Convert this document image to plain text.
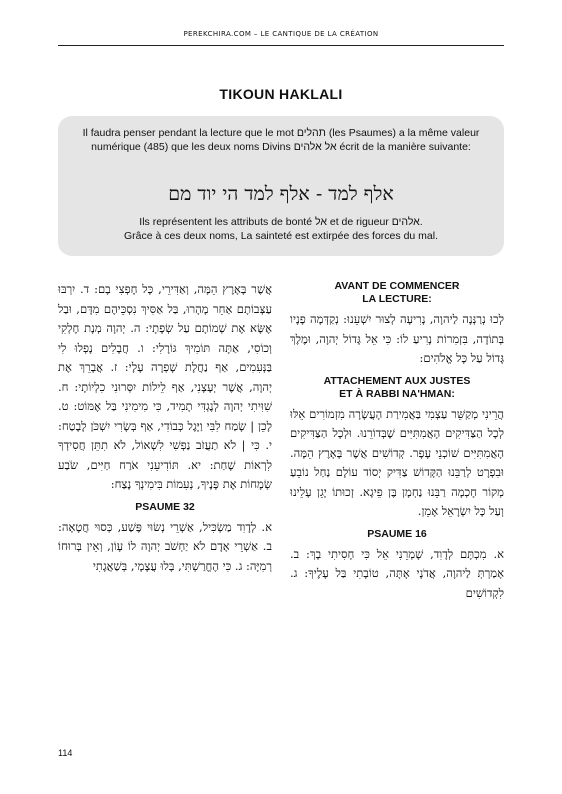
PEREKCHIRA.COM – LE CANTIQUE DE LA CRÉATION
TIKOUN HAKLALI

Il faudra penser pendant la lecture que le mot תהלים (les Psaumes) a la même valeur numérique (485) que les deux noms Divins אל אלהים écrit de la manière suivante:

אלף למד - אלף למד הי יוד מם

Ils représentent les attributs de bonté אל et de rigueur אלהים.
Grâce à ces deux noms, La sainteté est extirpée des forces du mal.

AVANT DE COMMENCER
LA LECTURE:

לְכוּ נְרַנְּנָה לַיהוָה, נָרִיעָה לְצוּר יִשְׁעֵנוּ: נְקַדְּמָה פָנָיו בְּתוֹדָה, בִּזְמִרוֹת נָרִיעַ לוֹ: כִּי אֵל גָּדוֹל יְהוָה, וּמֶלֶךְ גָּדוֹל עַל כָּל אֱלֹהִים:

ATTACHEMENT AUX JUSTES
ET À RABBI NA'HMAN:

הֲרֵינִי מְקַשֵּׁר עַצְמִי בַּאֲמִירַת הָעֲשָׂרָה מִזְמוֹרִים אֵלּוּ לְכָל הַצַּדִּיקִים הָאֲמִתִּיִּים שֶׁבְּדוֹרֵנוּ. וּלְכָל הַצַּדִּיקִים הָאֲמִתִּיִּים שׁוֹכְנֵי עָפָר. קְדוֹשִׁים אֲשֶׁר בָּאָרֶץ הֵמָּה. וּבִפְרָט לְרַבֵּנוּ הַקָּדוֹשׁ צַדִּיק יְסוֹד עוֹלָם נַחַל נוֹבֵעַ מְקוֹר חָכְמָה רַבֵּנוּ נַחְמָן בֶּן פֵיגָא. זְכוּתוֹ יָגֵן עָלֵינוּ וְעַל כָּל יִשְׂרָאֵל אָמֵן.

PSAUME 16

א. מִכְתָּם לְדָוִד, שָׁמְרֵנִי אֵל כִּי חָסִיתִי בָךְ: ב. אָמַרְתְּ לַיהוָה, אֲדֹנָי אָתָּה, טוֹבָתִי בַּל עָלֶיךָ: ג. לִקְדוֹשִׁים

אֲשֶׁר בָּאָרֶץ הֵמָּה, וְאַדִּירֵי, כָּל חֶפְצִי בָם: ד. יִרְבּוּ עַצְּבוֹתָם אַחֵר מָהָרוּ, בַּל אַסִּיךְ נִסְכֵּיהֶם מִדָּם, וּבַל אֶשָּׂא אֶת שְׁמוֹתָם עַל שְׂפָתָי: ה. יְהוָה מְנָת חֶלְקִי וְכוֹסִי, אַתָּה תּוֹמִיךְ גּוֹרָלִי: ו. חֲבָלִים נָפְלוּ לִי בַּנְּעִמִים, אַף נַחֲלָת שָׁפְרָה עָלָי: ז. אֲבָרֵךְ אֶת יְהוָה, אֲשֶׁר יְעָצָנִי, אַף לֵילוֹת יִסְּרוּנִי כִלְיוֹתָי: ח. שִׁוִּיתִי יְהוָה לְנֶגְדִּי תָמִיד, כִּי מִימִינִי בַּל אֶמּוֹט: ט. לָכֵן | שָׂמַח לִבִּי וַיָּגֶל כְּבוֹדִי, אַף בְּשָׂרִי יִשְׁכֹּן לָבֶטַח: י. כִּי | לֹא תַעֲזֹב נַפְשִׁי לִשְׁאוֹל, לֹא תִתֵּן חֲסִידְךָ לִרְאוֹת שָׁחַת: יא. תּוֹדִיעֵנִי אֹרַח חַיִּים, שֹׂבַע שְׂמָחוֹת אֶת פָּנֶיךָ, נְעִמוֹת בִּימִינְךָ נֶצַח:

PSAUME 32

א. לְדָוִד מַשְׂכִּיל, אַשְׁרֵי נְשׂוּי פֶּשַׁע, כְּסוּי חֲטָאָה: ב. אַשְׁרֵי אָדָם לֹא יַחְשֹׁב יְהוָה לוֹ עָוֹן, וְאֵין בְּרוּחוֹ רְמִיָּה: ג. כִּי הֶחֱרַשְׁתִּי, בָּלוּ עֲצָמָי, בְּשַׁאֲגָתִי

114
